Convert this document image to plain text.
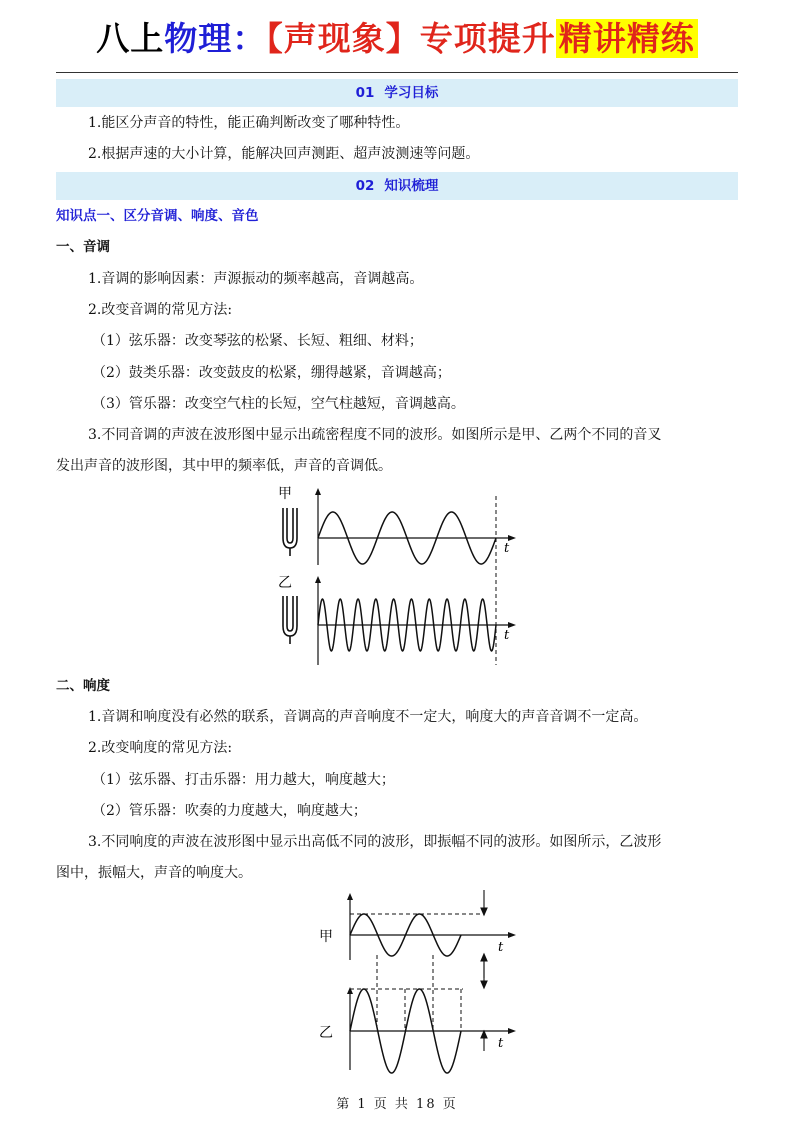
八上物理：【声现象】专项提升精讲精练
01 学习目标
1.能区分声音的特性，能正确判断改变了哪种特性。
2.根据声速的大小计算，能解决回声测距、超声波测速等问题。
02 知识梳理
知识点一、区分音调、响度、音色
一、音调
1.音调的影响因素：声源振动的频率越高，音调越高。
2.改变音调的常见方法:
（1）弦乐器：改变琴弦的松紧、长短、粗细、材料；
（2）鼓类乐器：改变鼓皮的松紧，绷得越紧，音调越高；
（3）管乐器：改变空气柱的长短，空气柱越短，音调越高。
3.不同音调的声波在波形图中显示出疏密程度不同的波形。如图所示是甲、乙两个不同的音叉
发出声音的波形图，其中甲的频率低，声音的音调低。
甲
t
乙
t
二、响度
1.音调和响度没有必然的联系，音调高的声音响度不一定大，响度大的声音音调不一定高。
2.改变响度的常见方法:
（1）弦乐器、打击乐器：用力越大，响度越大；
（2）管乐器：吹奏的力度越大，响度越大；
3.不同响度的声波在波形图中显示出高低不同的波形，即振幅不同的波形。如图所示，乙波形
图中，振幅大，声音的响度大。
甲
t
乙
t
第 1 页 共 18 页
